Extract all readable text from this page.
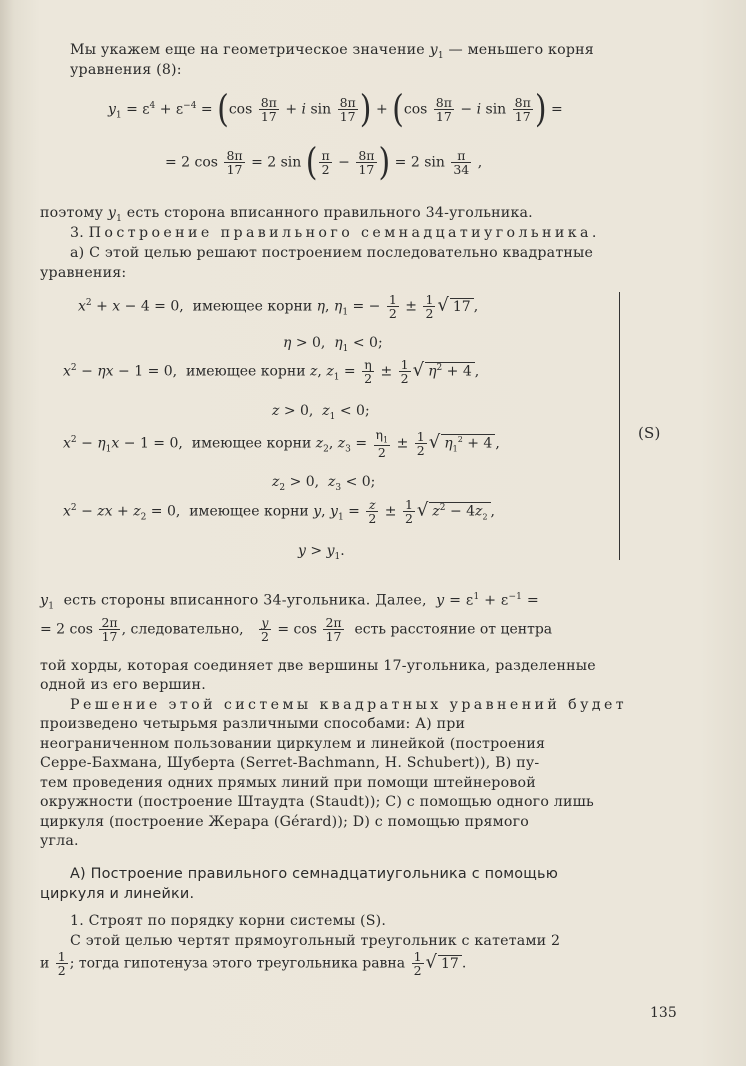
Мы укажем еще на геометрическое значение $y_1$ — меньшего корня
уравнения (8):
$y_1 = \varepsilon^4 + \varepsilon^{-4} = (\cos \frac{8\pi}{17} + i$ $\sin \frac{8\pi}{17}$ ) + ($\cos \frac{8\pi}{17} - i$ $\sin \frac{8\pi}{17}$ ) =
= 2 $\cos \frac{8\pi}{17} = 2$ sin ( $\frac{\pi}{2} - \frac{8\pi}{17}$ ) = 2 $\sin \frac{\pi}{34}$ ,
поэтому $y_1$ есть сторона вписанного правильного 34-угольника.
3. Построение правильного семнадцатиугольника.
а) С этой целью решают построением последовательно квадратные
уравнения:
$x^2 + x - 4 = 0$,  имеющее корни η, $\eta_1$ = − $\frac{1}{2} \pm \frac{1}{2}$ √ 17 ,
η > 0,  $\eta_1 < 0$;
$x^2 - \eta x - 1 = 0$,  имеющее корни z, $z_1 = \frac{\eta}{2} \pm \frac{1}{2}$ √ $\eta^2 + 4$ ,
z > 0,  $z_1 < 0$;
$x^2 - \eta_1x - 1 = 0$,  имеющее корни $z_2$, $z_3 = \frac{\eta_1}{2} \pm \frac{1}{2}$ √ $\eta_1^2 + 4$ ,
(S)
$z_2 > 0$,  $z_3 < 0$;
$x^2$ − zx + $z_2 = 0$,  имеющее корни y, $y_1 = \frac{z}{2} \pm \frac{1}{2}$ √ $z^2 - 4z_2$ ,
$y > y_1$.
$y_1$ есть стороны вписанного 34-угольника. Далее, $y = \varepsilon^1 + \varepsilon^{-1}$ =
= 2 $\cos \frac{2\pi}{17}$ , следовательно, $\frac{y}{2} = \cos \frac{2\pi}{17}$ есть расстояние от центра
той хорды, которая соединяет две вершины 17-угольника, разделенные
одной из его вершин.
Решение этой системы квадратных уравнений будет
произведено четырьмя различными способами: А) при
неограниченном пользовании циркулем и линейкой (построения
Серре-Бахмана, Шуберта (Serret-Bachmann, H. Schubert)), В) пу-
тем проведения одних прямых линий при помощи штейнеровой
окружности (построение Штаудта (Staudt)); С) с помощью одного лишь
циркуля (построение Жерара (Gérard)); D) с помощью прямого
угла.
А) Построение правильного семнадцатиугольника с помощью
циркуля и линейки.
1. Строят по порядку корни системы (S).
С этой целью чертят прямоугольный треугольник с катетами 2
и $\frac{1}{2}$ ; тогда гипотенуза этого треугольника равна $\frac{1}{2}$ √ 17 .
135
